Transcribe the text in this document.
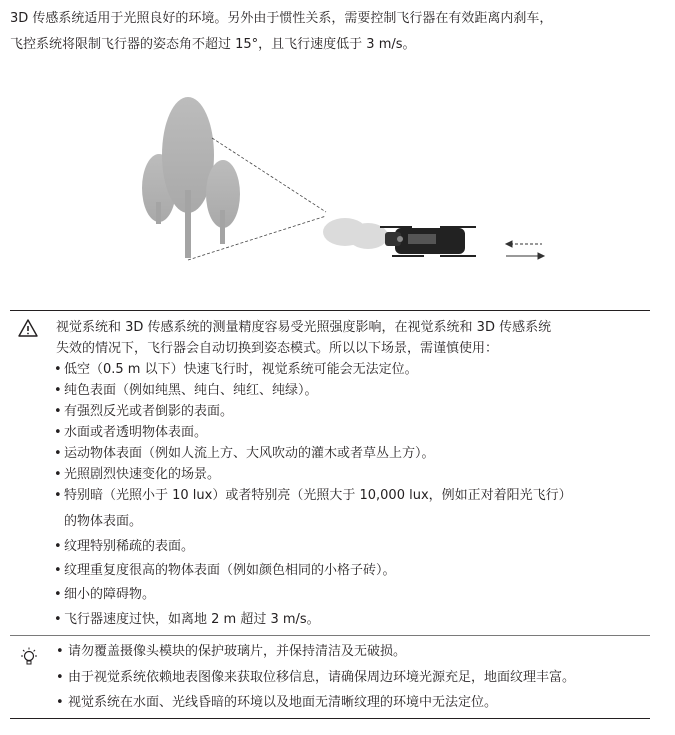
3D 传感系统适用于光照良好的环境。另外由于惯性关系，需要控制飞行器在有效距离内刹车，

飞控系统将限制飞行器的姿态角不超过 15°，且飞行速度低于 3 m/s。

视觉系统和 3D 传感系统的测量精度容易受光照强度影响，在视觉系统和 3D 传感系统
失效的情况下，飞行器会自动切换到姿态模式。所以以下场景，需谨慎使用：
• 低空（0.5 m 以下）快速飞行时，视觉系统可能会无法定位。
• 纯色表面（例如纯黑、纯白、纯红、纯绿）。
• 有强烈反光或者倒影的表面。
• 水面或者透明物体表面。
• 运动物体表面（例如人流上方、大风吹动的灌木或者草丛上方）。
• 光照剧烈快速变化的场景。
• 特别暗（光照小于 10 lux）或者特别亮（光照大于 10,000 lux，例如正对着阳光飞行）
的物体表面。
• 纹理特别稀疏的表面。
• 纹理重复度很高的物体表面（例如颜色相同的小格子砖）。
• 细小的障碍物。
• 飞行器速度过快，如离地 2 m 超过 3 m/s。
• 请勿覆盖摄像头模块的保护玻璃片，并保持清洁及无破损。
• 由于视觉系统依赖地表图像来获取位移信息，请确保周边环境光源充足，地面纹理丰富。
• 视觉系统在水面、光线昏暗的环境以及地面无清晰纹理的环境中无法定位。
